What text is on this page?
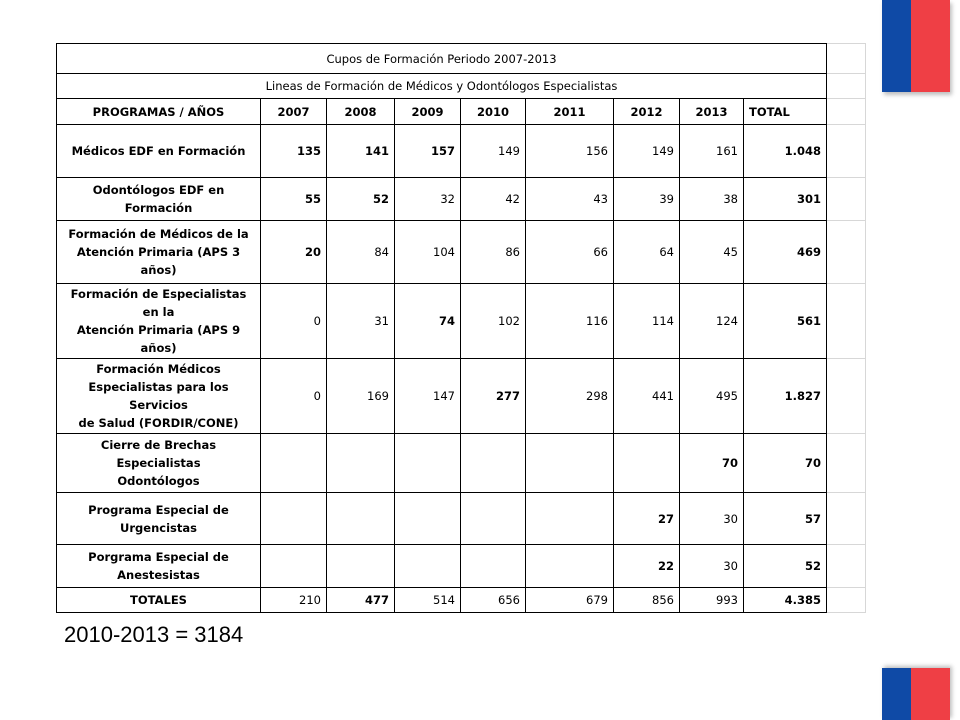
Cupos de Formación Periodo 2007-2013								
Lineas de Formación de Médicos y Odontólogos Especialistas								
PROGRAMAS / AÑOS	2007	2008	2009	2010	2011	2012	2013	TOTAL

Médicos EDF en Formación	135	141	157	149	156	149	161	1.048

Odontólogos EDF en Formación	55	52	32	42	43	39	38	301

Formación de Médicos de la
Atención Primaria (APS 3 años)	20	84	104	86	66	64	45	469

Formación de Especialistas en la
Atención Primaria (APS 9 años)	0	31	74	102	116	114	124	561

Formación Médicos
Especialistas para los Servicios
de Salud (FORDIR/CONE)	0	169	147	277	298	441	495	1.827

Cierre de Brechas Especialistas
Odontólogos							70	70

Programa Especial de
Urgencistas						27	30	57

Porgrama Especial de
Anestesistas						22	30	52
TOTALES	210	477	514	656	679	856	993	4.385
2010-2013 = 3184
